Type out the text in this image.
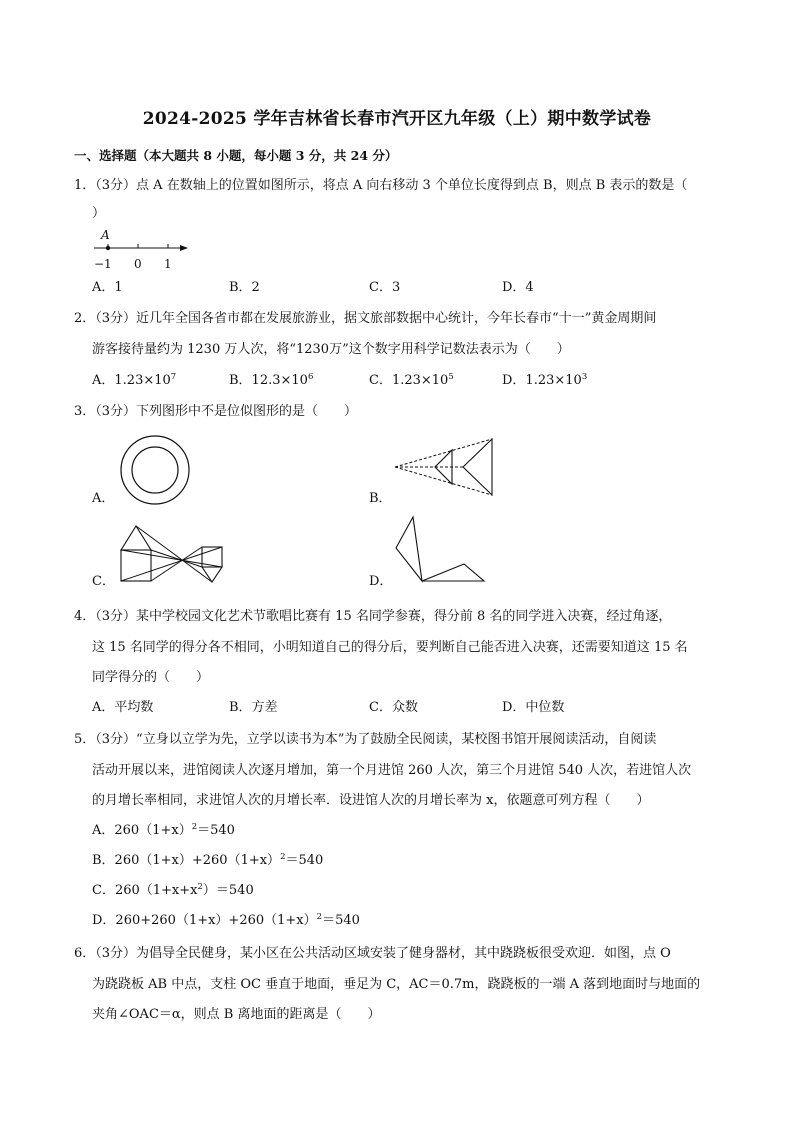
2024-2025 学年吉林省长春市汽开区九年级（上）期中数学试卷
一、选择题（本大题共 8 小题，每小题 3 分，共 24 分）
1．（3分）点 A 在数轴上的位置如图所示，将点 A 向右移动 3 个单位长度得到点 B，则点 B 表示的数是（
）
A
−1 0 1
A．1	B．2	C．3	D．4
2．（3分）近几年全国各省市都在发展旅游业，据文旅部数据中心统计，今年长春市“十一”黄金周期间
游客接待量约为 1230 万人次，将“1230万”这个数字用科学记数法表示为（　　）
A．$1.23\times 10^7$	B．$12.3\times 10^6$	C．$1.23\times 10^5$	D．$1.23\times 10^3$
3．（3分）下列图形中不是位似图形的是（　　）
A．	B．
C．	D．
4．（3分）某中学校园文化艺术节歌唱比赛有 15 名同学参赛，得分前 8 名的同学进入决赛，经过角逐，
这 15 名同学的得分各不相同，小明知道自己的得分后，要判断自己能否进入决赛，还需要知道这 15 名
同学得分的（　　）
A．平均数	B．方差	C．众数	D．中位数
5．（3分）“立身以立学为先，立学以读书为本”为了鼓励全民阅读，某校图书馆开展阅读活动，自阅读
活动开展以来，进馆阅读人次逐月增加，第一个月进馆 260 人次，第三个月进馆 540 人次，若进馆人次
的月增长率相同，求进馆人次的月增长率．设进馆人次的月增长率为 x，依题意可列方程（　　）
A．$260(1+x)^2=540$
B．$260(1+x)+260(1+x)^2=540$
C．$260(1+x+x^2)=540$
D．$260+260(1+x)+260(1+x)^2=540$
6．（3分）为倡导全民健身，某小区在公共活动区域安装了健身器材，其中跷跷板很受欢迎．如图，点 O
为跷跷板 AB 中点，支柱 OC 垂直于地面，垂足为 C，AC＝0.7m，跷跷板的一端 A 落到地面时与地面的
夹角∠OAC＝α，则点 B 离地面的距离是（　　）
